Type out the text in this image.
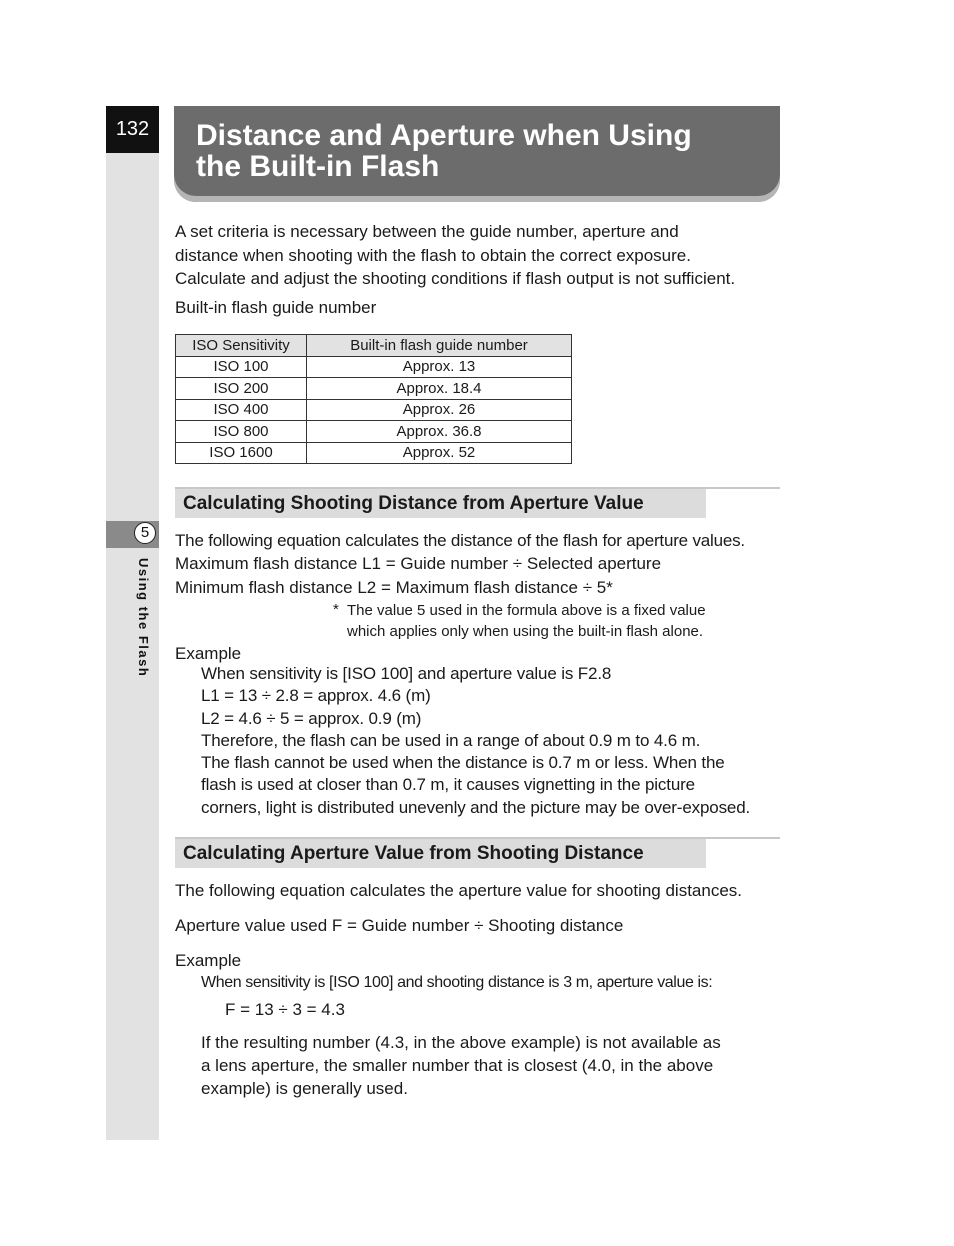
132
5
Using the Flash
Distance and Aperture when Using
the Built-in Flash

A set criteria is necessary between the guide number, aperture and
distance when shooting with the flash to obtain the correct exposure.
Calculate and adjust the shooting conditions if flash output is not sufficient.

Built-in flash guide number

ISO Sensitivity	Built-in flash guide number
ISO 100	Approx. 13
ISO 200	Approx. 18.4
ISO 400	Approx. 26
ISO 800	Approx. 36.8
ISO 1600	Approx. 52
Calculating Shooting Distance from Aperture Value

The following equation calculates the distance of the flash for aperture values.

Maximum flash distance L1 = Guide number ÷ Selected aperture

Minimum flash distance L2 = Maximum flash distance ÷ 5*

* The value 5 used in the formula above is a fixed value
which applies only when using the built-in flash alone.

Example

When sensitivity is [ISO 100] and aperture value is F2.8
L1 = 13 ÷ 2.8 = approx. 4.6 (m)
L2 = 4.6 ÷ 5 = approx. 0.9 (m)
Therefore, the flash can be used in a range of about 0.9 m to 4.6 m.
The flash cannot be used when the distance is 0.7 m or less. When the
flash is used at closer than 0.7 m, it causes vignetting in the picture
corners, light is distributed unevenly and the picture may be over-exposed.

Calculating Aperture Value from Shooting Distance

The following equation calculates the aperture value for shooting distances.

Aperture value used F = Guide number ÷ Shooting distance

Example

When sensitivity is [ISO 100] and shooting distance is 3 m, aperture value is:

F = 13 ÷ 3 = 4.3

If the resulting number (4.3, in the above example) is not available as
a lens aperture, the smaller number that is closest (4.0, in the above
example) is generally used.
